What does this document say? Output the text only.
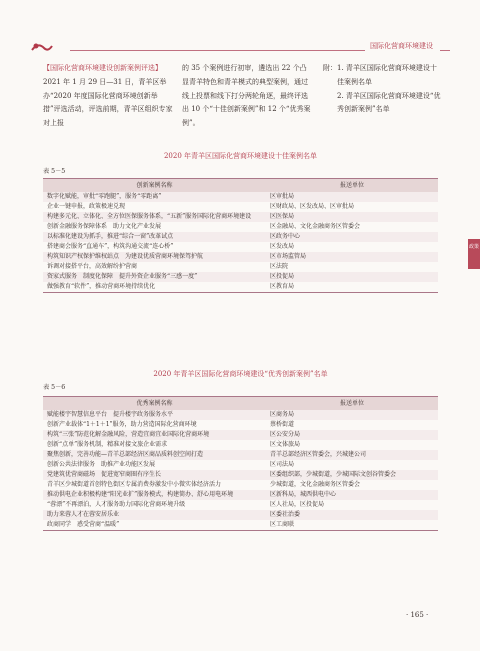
国际化营商环境建设
【国际化营商环境建设创新案例评选】2021 年 1 月 29 日—31 日，青羊区举办“2020 年度国际化营商环境创新举措”评选活动，评选前期，青羊区组织专家对上报
的 35 个案例进行初审，遴选出 22 个凸显青羊特色和青羊模式的典型案例，通过线上投票和线下打分两轮角逐，最终评选出 10 个“十佳创新案例”和 12 个“优秀案例”。
附： 1. 青羊区国际化营商环境建设十佳案例名单
2. 青羊区国际化营商环境建设“优秀创新案例”名单
2020 年青羊区国际化营商环境建设十佳案例名单
表 5－5
创新案例名称	报送单位
数字化赋能，审批“零跑腿”，服务“零距离”	区审批局
企业一键申报，政策极速兑现	区财政局、区发改局、区审批局
构建多元化、立体化、全方位医保服务体系，“五新”服务国际化营商环境建设	区医保局
创新金融服务保障体系　助力文化产业发展	区金融局、文化金融商务区管委会
以标准化建设为抓手，推进“综合一窗”改革试点	区政务中心
搭建商会服务“直通车”，构筑沟通交流“连心桥”	区发改局
构筑知识产权保护维权站点　为建设优质营商环境保驾护航	区市场监管局
诉调对接搭平台，高效解纷护营商	区法院
资家式服务　制度化保障　提升外资企业服务“三感一度”	区投促局
做强教育“软件”，推动营商环境持续优化	区教育局
2020 年青羊区国际化营商环境建设“优秀创新案例”名单
表 5－6
优秀案例名称	报送单位
赋能楼宇智慧信息平台　提升楼宇政务服务水平	区商务局
创新产业载体“1＋1＋1”服务，助力营造国际化营商环境	蔡桥街道
构筑“三张”防范化解金融风险，营造宜商宜业国际化营商环境	区公安分局
创新“点单”服务机制，精准对接文旅企业需求	区文体旅局
聚焦创新，完善功能—青羊总部经济区商品质料创空间打造	青羊总部经济区管委会，兴城建公司
创新公共法律服务　助推产业功能区发展	区司法局
党建筑优营商磁场　促进宽窄商圈有序生长	区委组织部，少城街道，少城国际文创谷管委会
青羊区少城街道首创特色街区专属消费券激发中小微实体经济活力	少城街道，文化金融商务区管委会
推动供电企业积极构建“阳光业扩”服务模式，构建简办、舒心用电环境	区新科局，城西供电中心
“蓉漂”不再漂泊，人才服务助力国际化营商环境升级	区人社局，区投促局
助力来蓉人才在蓉安居乐业	区委社治委
政商同学　惑受营商“温暖”	区工商联
政策
· 165 ·
